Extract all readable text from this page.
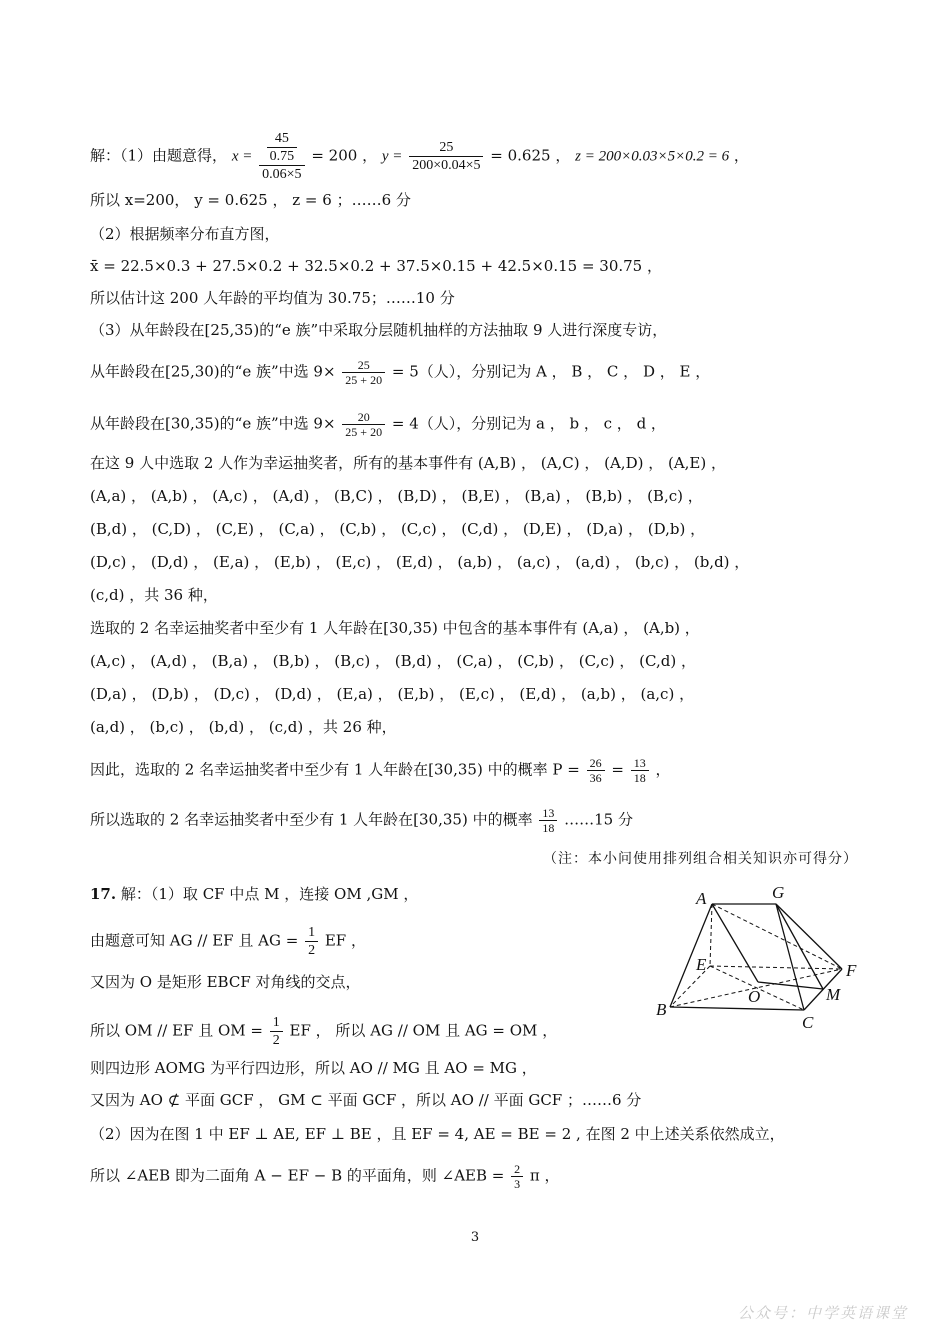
解：（1）由题意得， $x = \frac{\frac{45}{0.75}}{0.06\times 5} = 200$ ， $y = \frac{25}{200\times 0.04\times 5} = 0.625$ ， z = 200×0.03×5×0.2 = 6 ，
所以 x=200， y = 0.625 ， z = 6 ；……6 分
（2）根据频率分布直方图，
x̄ = 22.5×0.3 + 27.5×0.2 + 32.5×0.2 + 37.5×0.15 + 42.5×0.15 = 30.75 ，
所以估计这 200 人年龄的平均值为 30.75；……10 分
（3）从年龄段在[25,35)的“e 族”中采取分层随机抽样的方法抽取 9 人进行深度专访，
从年龄段在[25,30)的“e 族”中选 $9\times \frac{25}{25 + 20} = 5$（人），分别记为 A ， B ， C ， D ， E ，
从年龄段在[30,35)的“e 族”中选 $9\times \frac{20}{25 + 20} = 4$（人），分别记为 a ， b ， c ， d ，
在这 9 人中选取 2 人作为幸运抽奖者，所有的基本事件有 (A,B) ， (A,C) ， (A,D) ， (A,E) ，
(A,a) ， (A,b) ， (A,c) ， (A,d) ， (B,C) ， (B,D) ， (B,E) ， (B,a) ， (B,b) ， (B,c) ，
(B,d) ， (C,D) ， (C,E) ， (C,a) ， (C,b) ， (C,c) ， (C,d) ， (D,E) ， (D,a) ， (D,b) ，
(D,c) ， (D,d) ， (E,a) ， (E,b) ， (E,c) ， (E,d) ， (a,b) ， (a,c) ， (a,d) ， (b,c) ， (b,d) ，
(c,d) ，共 36 种，
选取的 2 名幸运抽奖者中至少有 1 人年龄在[30,35) 中包含的基本事件有 (A,a) ， (A,b) ，
(A,c) ， (A,d) ， (B,a) ， (B,b) ， (B,c) ， (B,d) ， (C,a) ， (C,b) ， (C,c) ， (C,d) ，
(D,a) ， (D,b) ， (D,c) ， (D,d) ， (E,a) ， (E,b) ， (E,c) ， (E,d) ， (a,b) ， (a,c) ，
(a,d) ， (b,c) ， (b,d) ， (c,d) ，共 26 种，
因此，选取的 2 名幸运抽奖者中至少有 1 人年龄在[30,35) 中的概率 $P = \frac{26}{36} = \frac{13}{18}$ ，
所以选取的 2 名幸运抽奖者中至少有 1 人年龄在[30,35) 中的概率 $\frac{13}{18}$ ……15 分
（注：本小问使用排列组合相关知识亦可得分）
17. 解：（1）取 CF 中点 M ，连接 OM ,GM ，
由题意可知 AG // EF 且 AG = $\frac{1}{2}$ EF ，
又因为 O 是矩形 EBCF 对角线的交点，
所以 OM // EF 且 OM = $\frac{1}{2}$ EF ， 所以 AG // OM 且 AG = OM ，
则四边形 AOMG 为平行四边形，所以 AO // MG 且 AO = MG ，
又因为 AO ⊄ 平面 GCF ， GM ⊂ 平面 GCF ，所以 AO // 平面 GCF ；……6 分
（2）因为在图 1 中 EF ⊥ AE, EF ⊥ BE ，且 EF = 4, AE = BE = 2 , 在图 2 中上述关系依然成立，
所以 ∠AEB 即为二面角 A − EF − B 的平面角，则 ∠AEB = $\frac{2}{3}$ π ，
A	G
E	F
O	M
B
C
3
公众号：中学英语课堂
